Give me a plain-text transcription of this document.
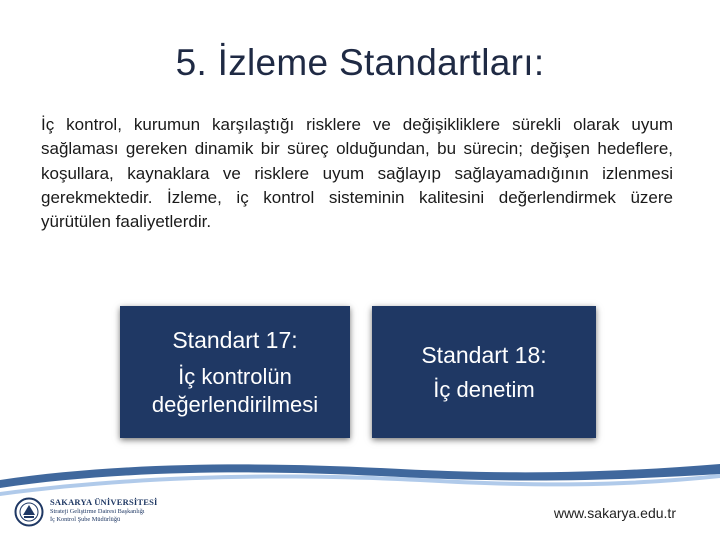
5. İzleme Standartları:

İç kontrol, kurumun karşılaştığı risklere ve değişikliklere sürekli olarak uyum sağlaması gereken dinamik bir süreç olduğundan, bu sürecin; değişen hedeflere, koşullara, kaynaklara ve risklere uyum sağlayıp sağlayamadığının izlenmesi gerekmektedir. İzleme, iç kontrol sisteminin kalitesini değerlendirmek üzere yürütülen faaliyetlerdir.

Standart 17:
İç kontrolün değerlendirilmesi
Standart 18:
İç denetim
SAKARYA ÜNİVERSİTESİ
Strateji Geliştirme Dairesi Başkanlığı
İç Kontrol Şube Müdürlüğü	www.sakarya.edu.tr
